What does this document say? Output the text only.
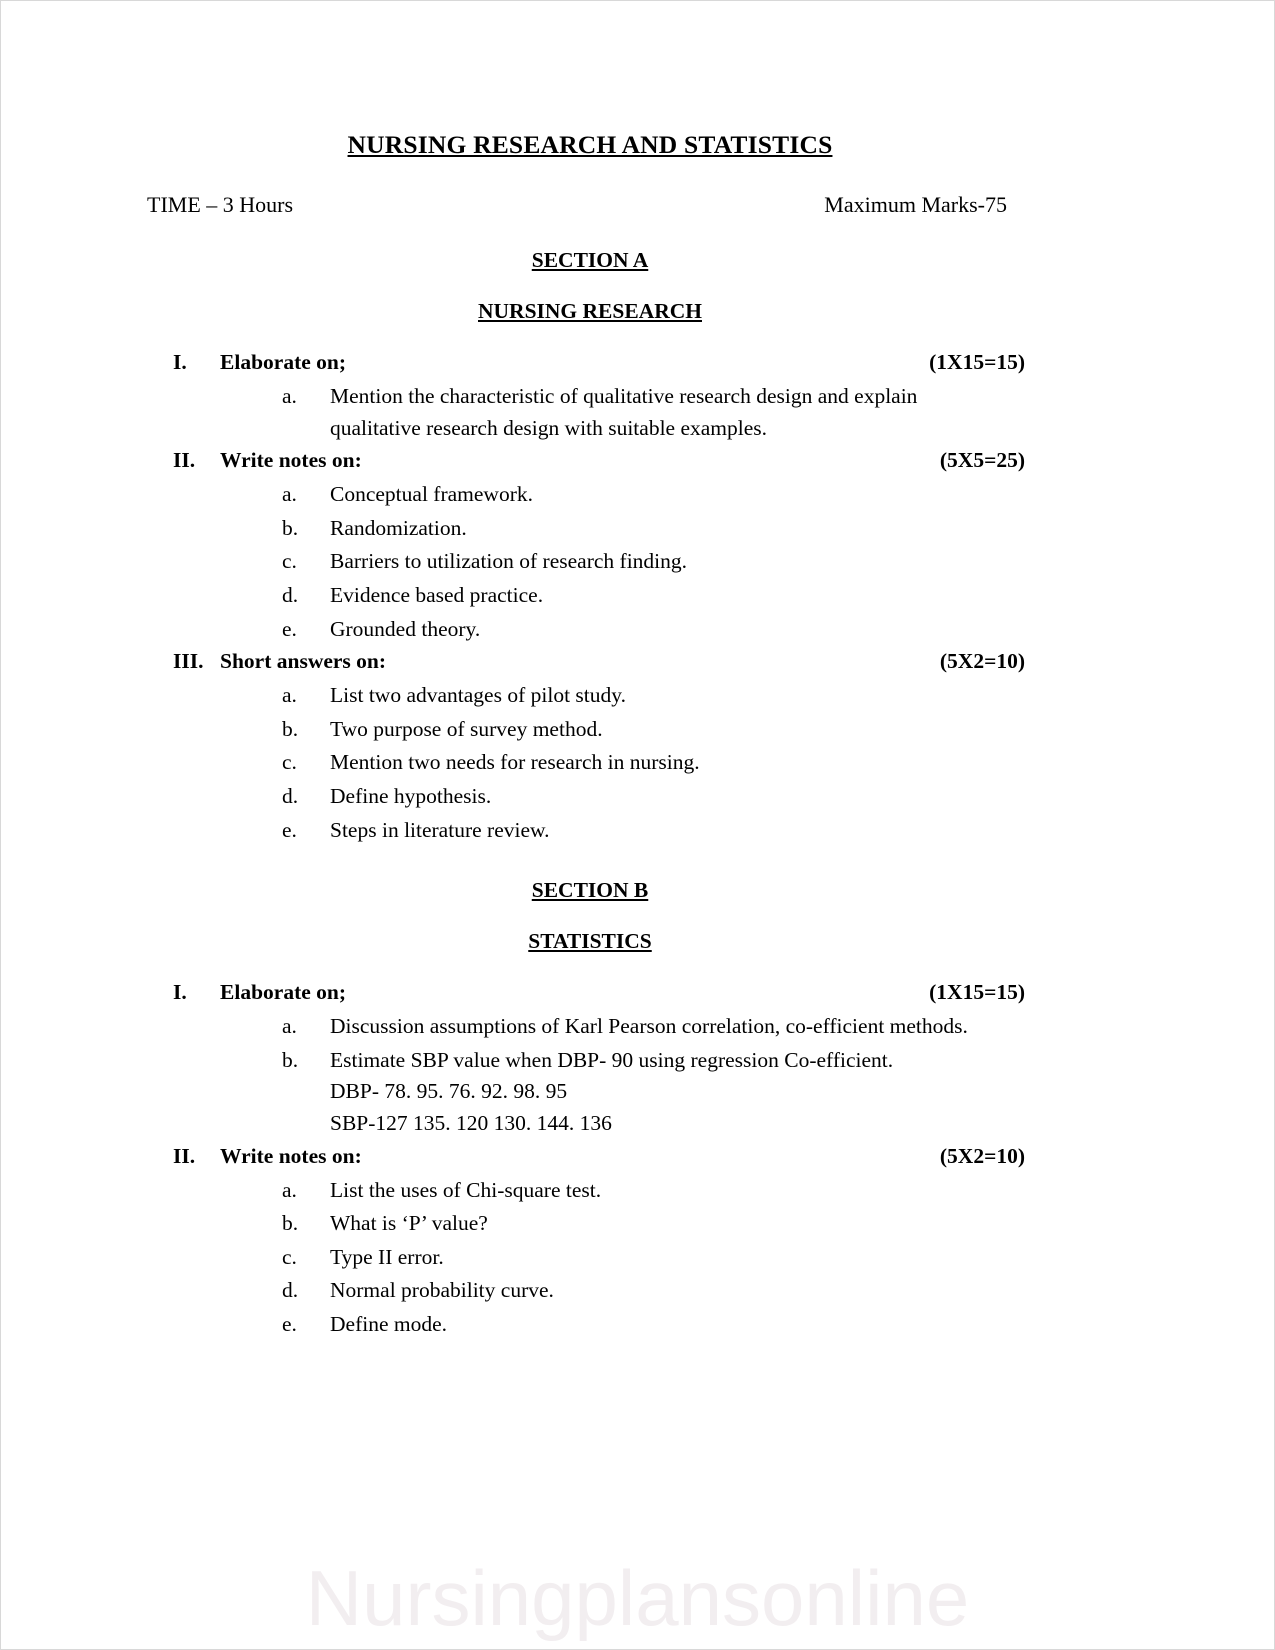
NURSING RESEARCH AND STATISTICS
TIME – 3 Hours	Maximum Marks-75
SECTION A
NURSING RESEARCH
I.	Elaborate on;	(1X15=15)
a.	Mention the characteristic of qualitative research design and explain
qualitative research design with suitable examples.
II.	Write notes on:	(5X5=25)
a.	Conceptual framework.
b.	Randomization.
c.	Barriers to utilization of research finding.
d.	Evidence based practice.
e.	Grounded theory.
III. Short answers on:	(5X2=10)
a.	List two advantages of pilot study.
b.	Two purpose of survey method.
c.	Mention two needs for research in nursing.
d.	Define hypothesis.
e.	Steps in literature review.
SECTION B
STATISTICS
I.	Elaborate on;	(1X15=15)
a.	Discussion assumptions of Karl Pearson correlation, co-efficient methods.
b.	Estimate SBP value when DBP- 90 using regression Co-efficient.
DBP- 78. 95. 76. 92. 98. 95
SBP-127 135. 120 130. 144. 136
II.	Write notes on:	(5X2=10)
a.	List the uses of Chi-square test.
b.	What is ‘P’ value?
c.	Type II error.
d.	Normal probability curve.
e.	Define mode.
Nursingplansonline
